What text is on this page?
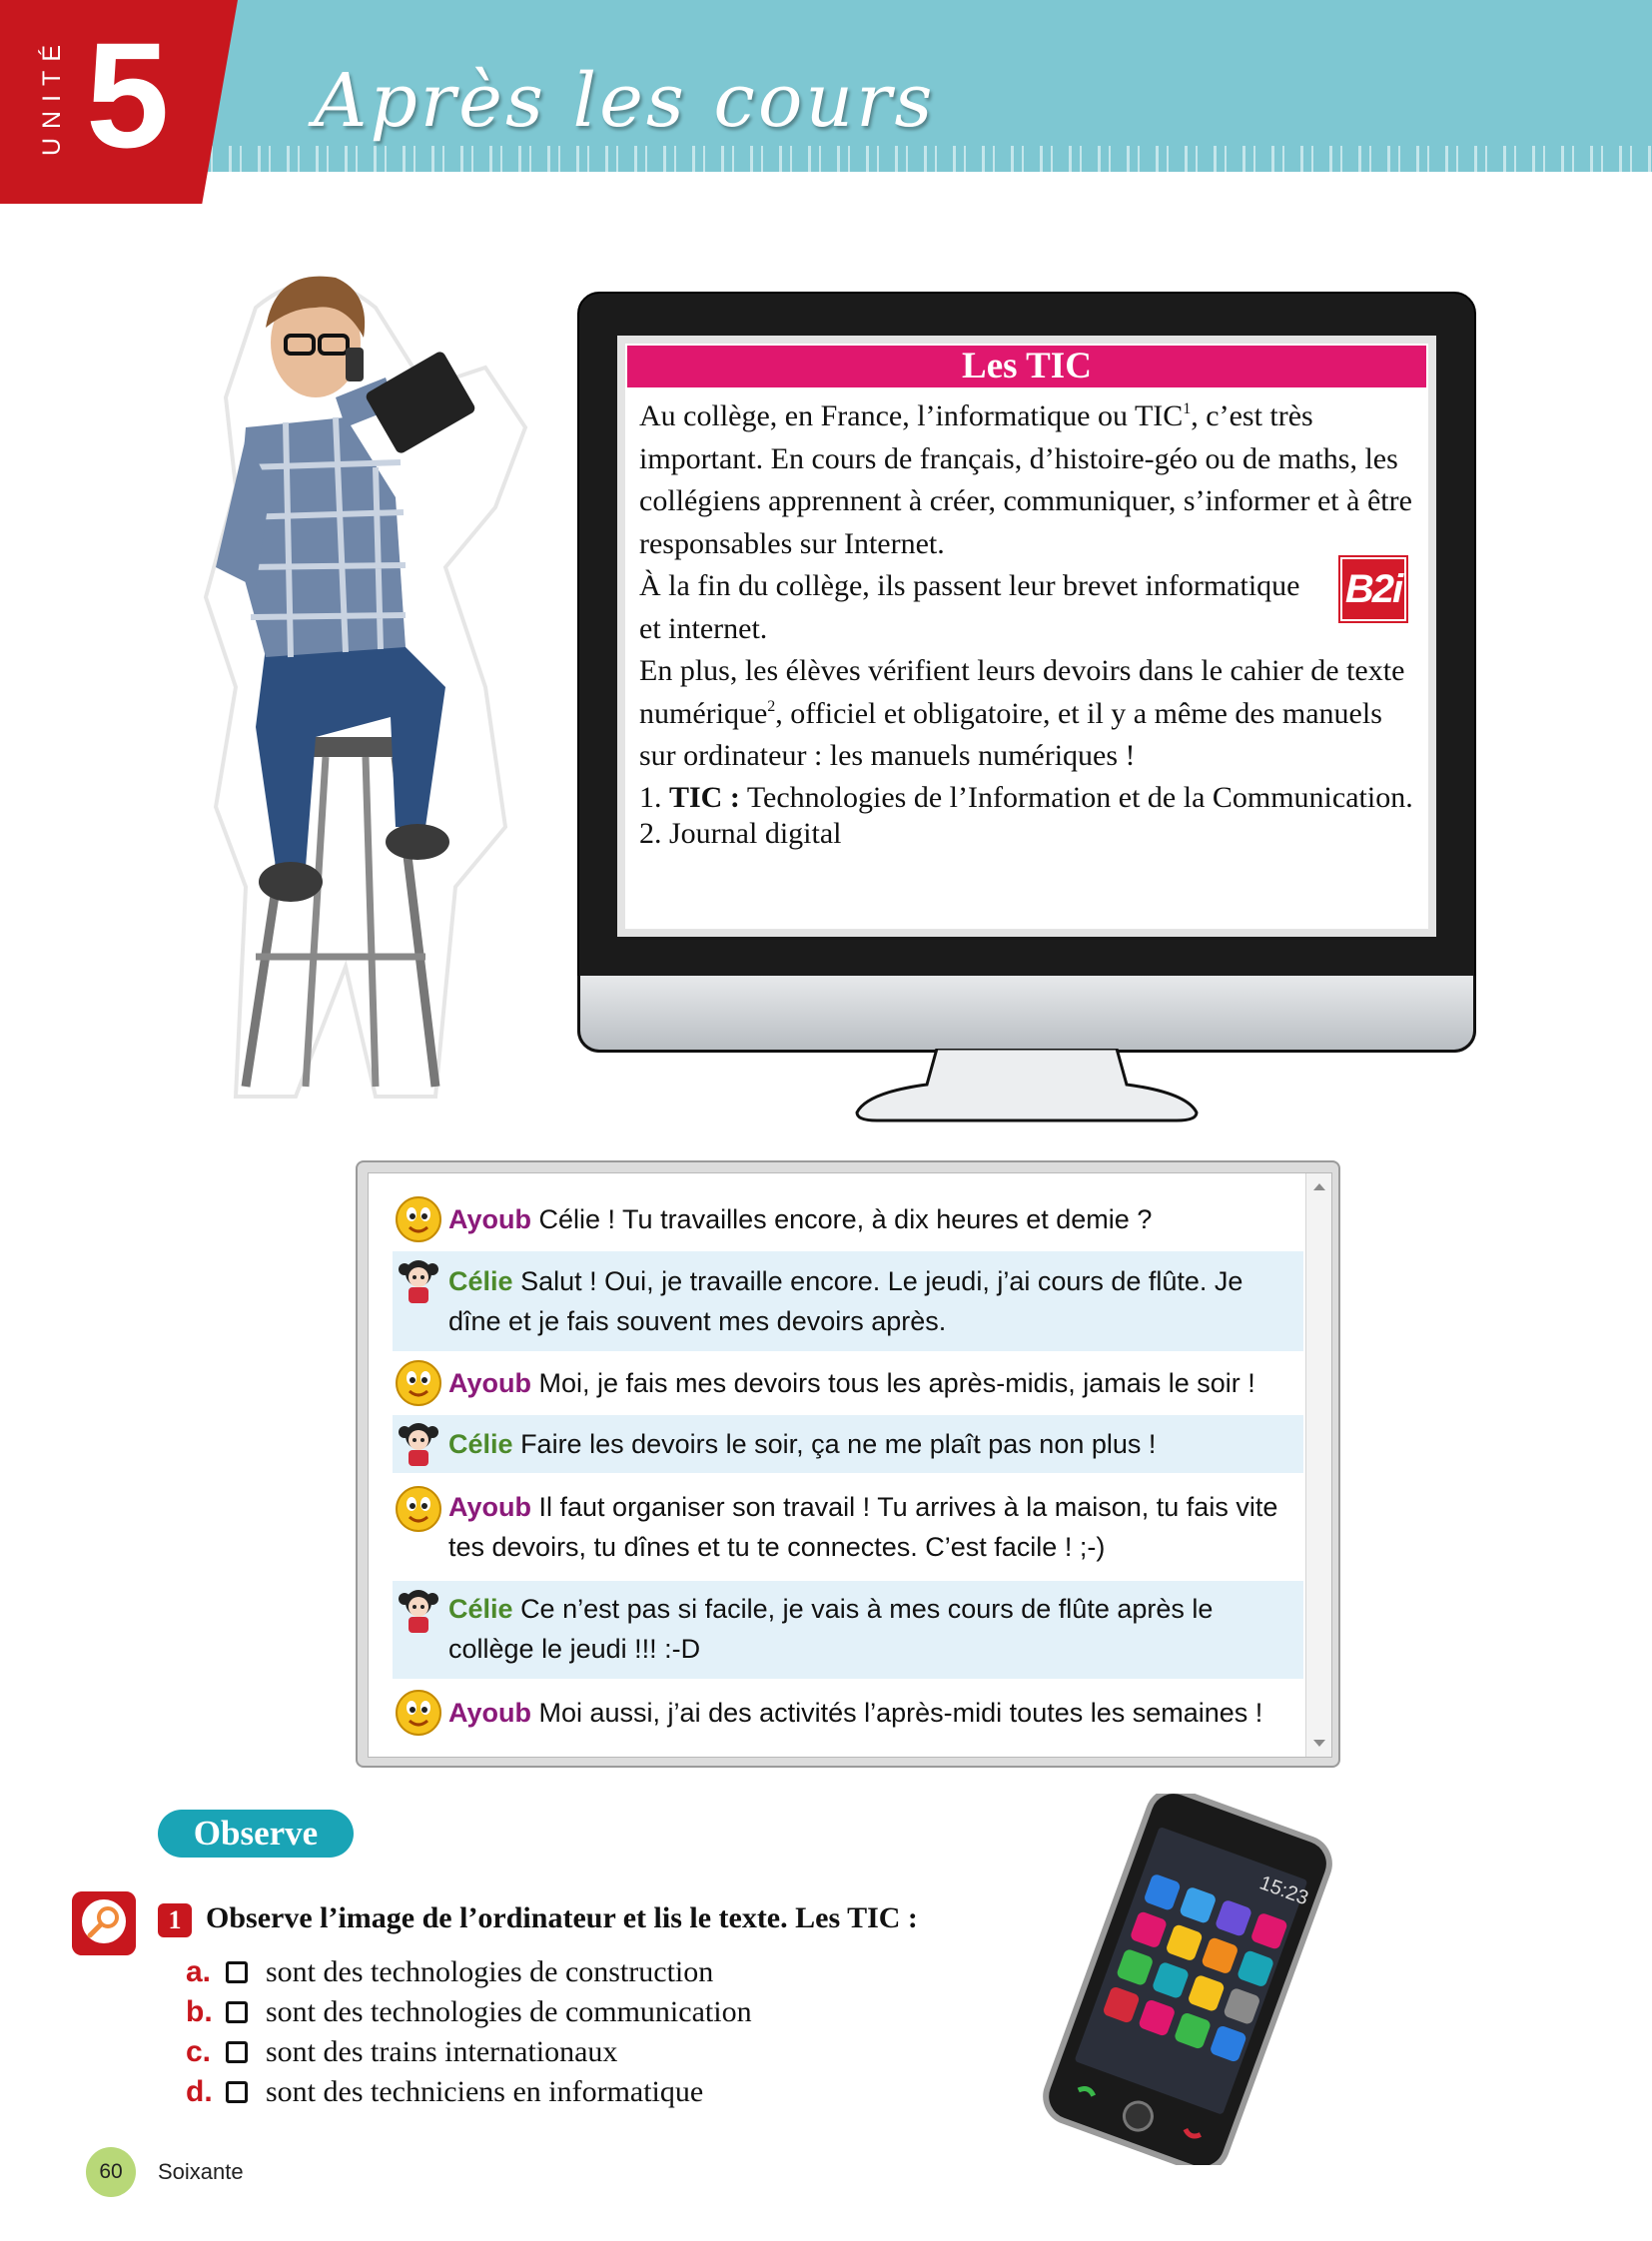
UNITÉ 5 Après les cours
Les TIC

Au collège, en France, l’informatique ou TIC$^1$, c’est très important. En cours de français, d’histoire-géo ou de maths, les collégiens apprennent à créer, communiquer, s’informer et à être responsables sur Internet.

À la fin du collège, ils passent leur brevet informatique et internet.

En plus, les élèves vérifient leurs devoirs dans le cahier de texte numérique$^2$, officiel et obligatoire, et il y a même des manuels sur ordinateur : les manuels numériques !

1. TIC : Technologies de l’Information et de la Communication.

2. Journal digital

B2i
Ayoub Célie ! Tu travailles encore, à dix heures et demie ?
Célie Salut ! Oui, je travaille encore. Le jeudi, j’ai cours de flûte. Je dîne et je fais souvent mes devoirs après.
Ayoub Moi, je fais mes devoirs tous les après-midis, jamais le soir !
Célie Faire les devoirs le soir, ça ne me plaît pas non plus !
Ayoub Il faut organiser son travail ! Tu arrives à la maison, tu fais vite tes devoirs, tu dînes et tu te connectes. C’est facile ! ;-)
Célie Ce n’est pas si facile, je vais à mes cours de flûte après le collège le jeudi !!! :-D
Ayoub Moi aussi, j’ai des activités l’après-midi toutes les semaines !
Observe
1 Observe l’image de l’ordinateur et lis le texte. Les TIC :
a. sont des technologies de construction
b. sont des technologies de communication
c. sont des trains internationaux
d. sont des techniciens en informatique
15:23
60	Soixante
